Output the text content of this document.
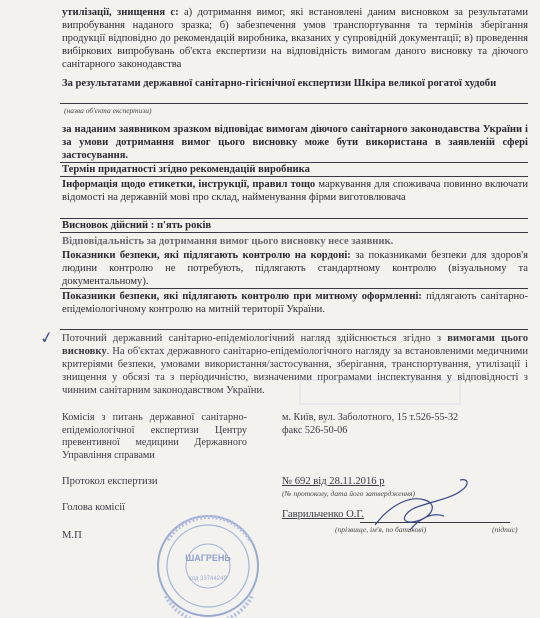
утилізації, знищення с: а) дотримання вимог, які встановлені даним висновком за результатами випробування наданого зразка; б) забезпечення умов транспортування та термінів зберігання продукції відповідно до рекомендацій виробника, вказаних у супровідній документації; в) проведення вибіркових випробувань об'єкта експертизи на відповідність вимогам даного висновку та діючого санітарного законодавства
За результатами державної санітарно-гігієнічної експертизи Шкіра великої рогатої худоби
(назва об'єкта експертизи)
за наданим заявником зразком відповідає вимогам діючого санітарного законодавства України і за умови дотримання вимог цього висновку може бути використана в заявленій сфері застосування.
Термін придатності згідно рекомендацій виробника
Інформація щодо етикетки, інструкції, правил тощо маркування для споживача повинно включати відомості на державній мові про склад, найменування фірми виготовлювача
Висновок дійсний : п'ять років
Відповідальність за дотримання вимог цього висновку несе заявник.
Показники безпеки, які підлягають контролю на кордоні: за показниками безпеки для здоров'я людини контролю не потребують, підлягають стандартному контролю (візуальному та документальному).
Показники безпеки, які підлягають контролю при митному оформленні: підлягають санітарно-епідеміологічному контролю на митній території України.
✓ Поточний державний санітарно-епідеміологічний нагляд здійснюється згідно з вимогами цього висновку. На об'єктах державного санітарно-епідеміологічного нагляду за встановленими медичними критеріями безпеки, умовами використання/застосування, зберігання, транспортування, утилізації і знищення у обсязі та з періодичністю, визначеними програмами інспектування у відповідності з чинним санітарним законодавством України.
Комісія з питань державної санітарно-епідеміологічної експертизи Центру превентивної медицини Державного Управління справами
м. Київ, вул. Заболотного, 15 т.526-55-32
факс 526-50-06
Протокол експертизи	№ 692 від 28.11.2016 р
(№ протоколу, дата його затвердження)
Голова комісії
Гаврильченко О.Г.
(прізвище, ім'я, по батькові)	(підпис)
М.П
ШАГРЕНЬ
код 33744249
